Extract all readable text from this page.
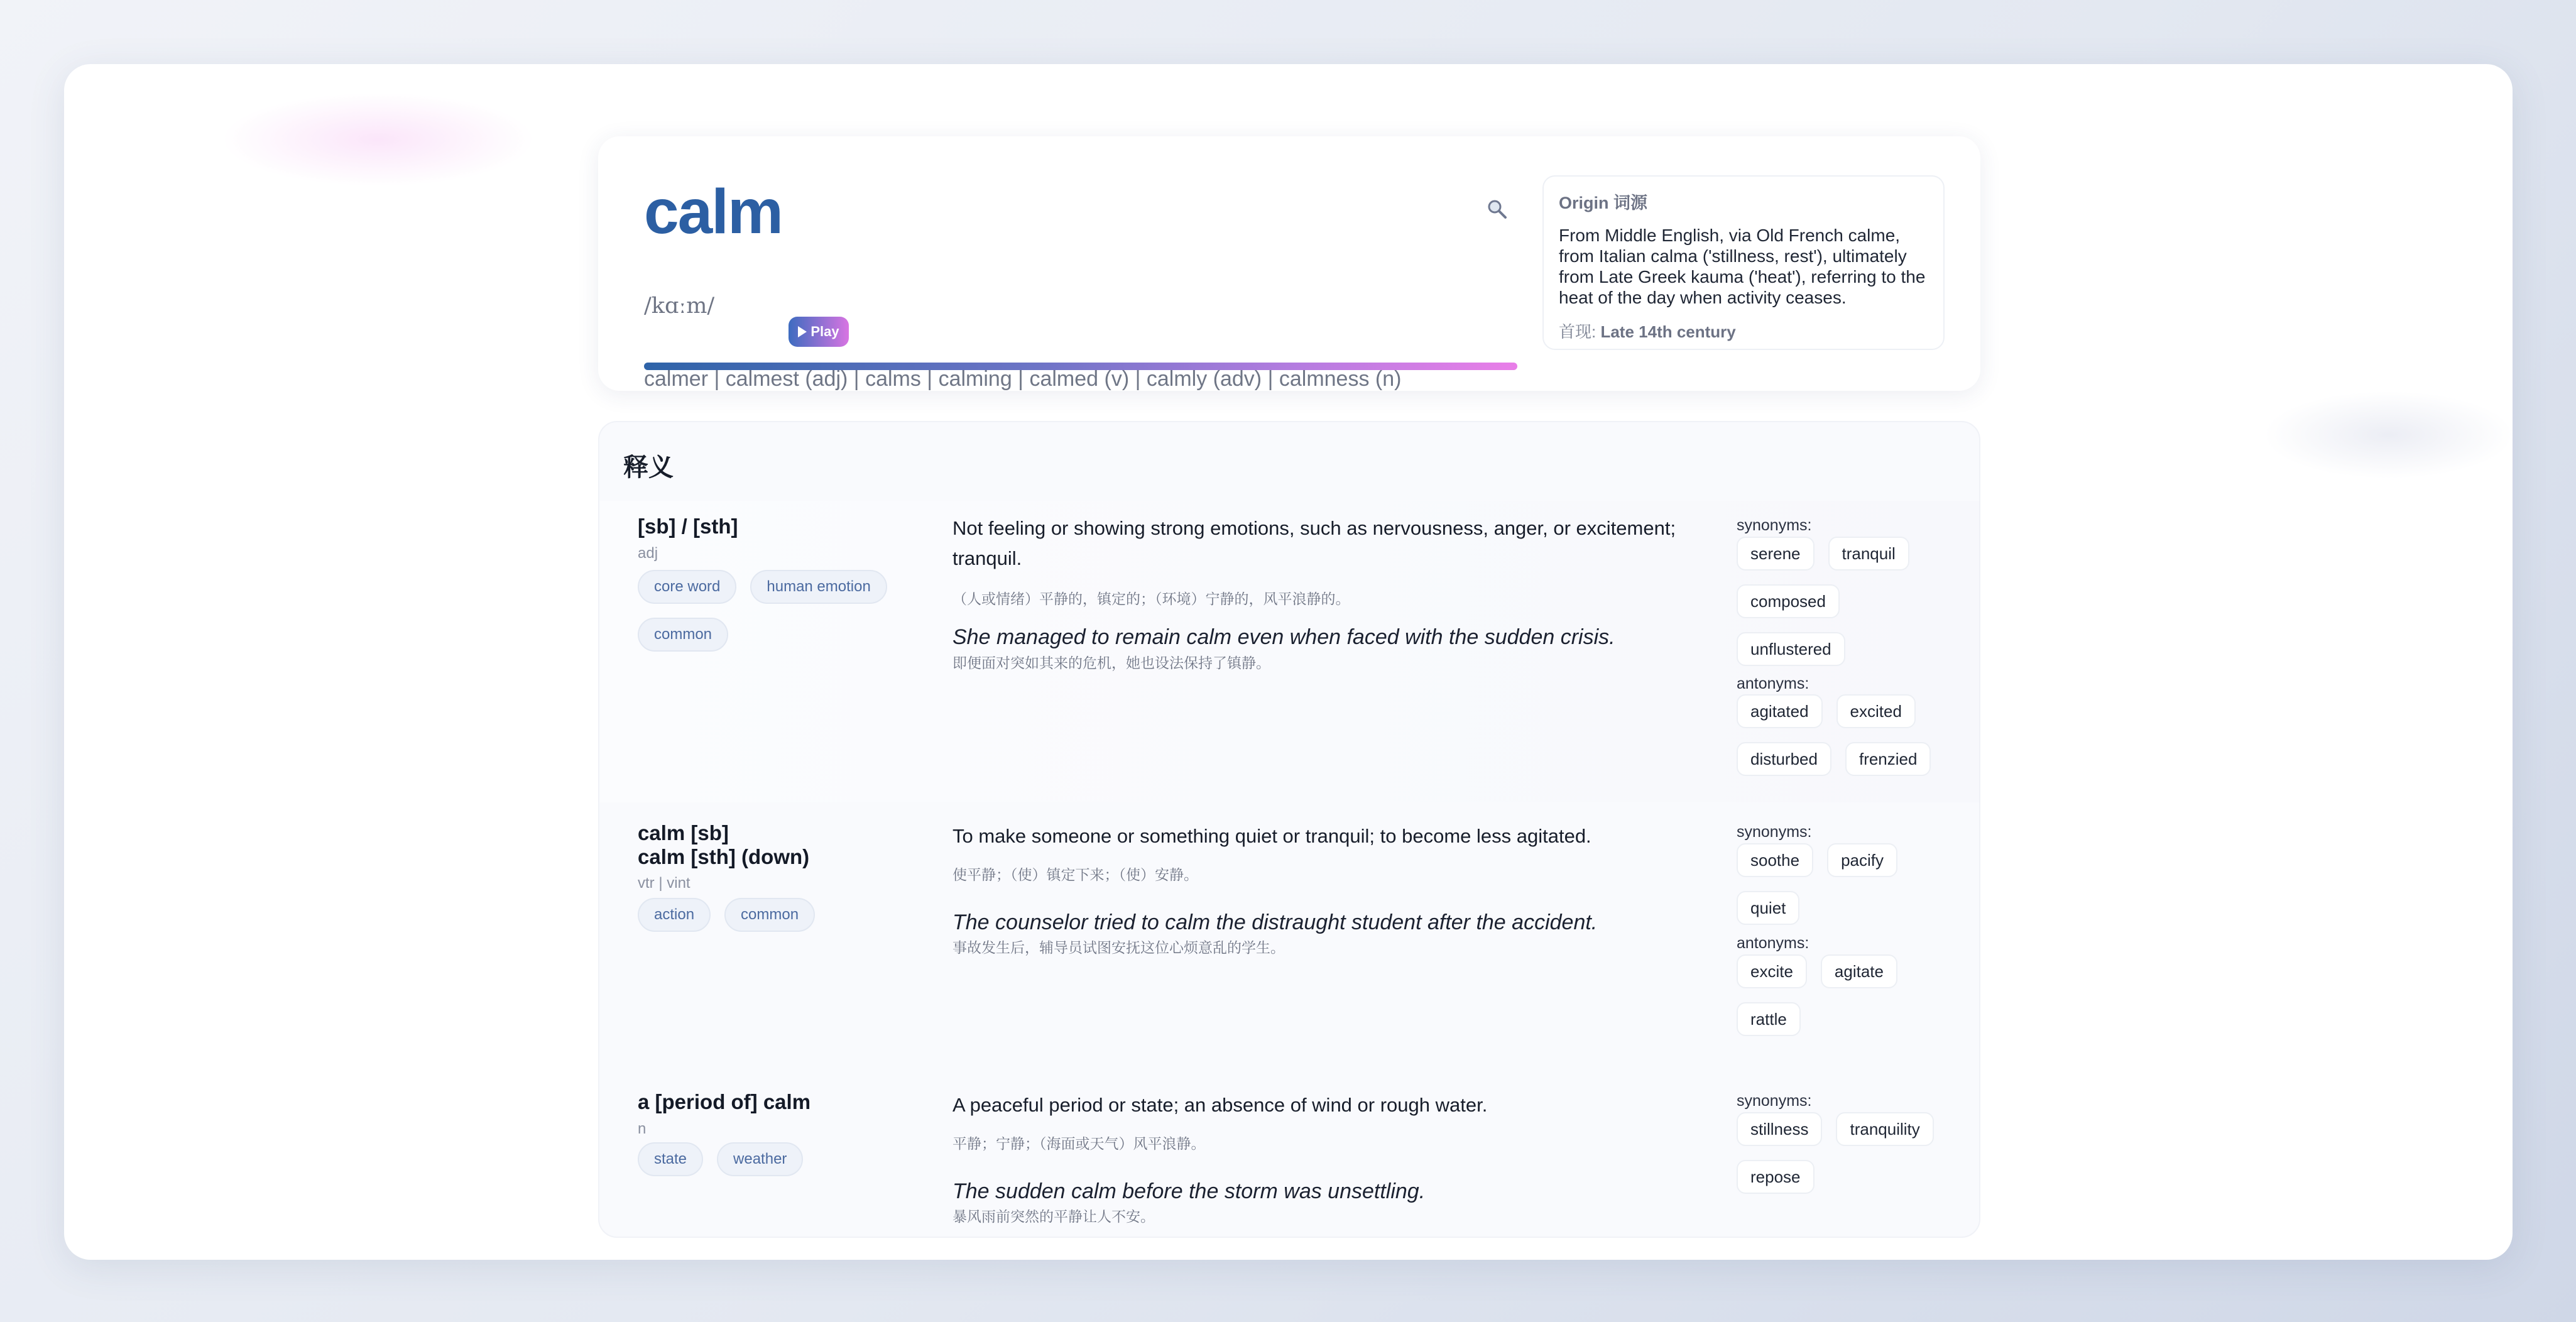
calm
/kɑːm/
Play
calmer | calmest (adj) | calms | calming | calmed (v) | calmly (adv) | calmness (n)
Origin 词源
From Middle English, via Old French calme, from Italian calma ('stillness, rest'), ultimately from Late Greek kauma ('heat'), referring to the heat of the day when activity ceases.
首现: Late 14th century
释义
[sb] / [sth]
adj
core word	human emotion
common
Not feeling or showing strong emotions, such as nervousness, anger, or excitement; tranquil.
（人或情绪）平静的，镇定的；（环境）宁静的，风平浪静的。
She managed to remain calm even when faced with the sudden crisis.
即便面对突如其来的危机，她也设法保持了镇静。
synonyms:
serene	tranquil
composed
unflustered
antonyms:
agitated	excited
disturbed	frenzied
calm [sb]
calm [sth] (down)
vtr | vint
action	common
To make someone or something quiet or tranquil; to become less agitated.
使平静；（使）镇定下来；（使）安静。
The counselor tried to calm the distraught student after the accident.
事故发生后，辅导员试图安抚这位心烦意乱的学生。
synonyms:
soothe	pacify
quiet
antonyms:
excite	agitate
rattle
a [period of] calm
n
state	weather
A peaceful period or state; an absence of wind or rough water.
平静；宁静；（海面或天气）风平浪静。
The sudden calm before the storm was unsettling.
暴风雨前突然的平静让人不安。
synonyms:
stillness	tranquility
repose
